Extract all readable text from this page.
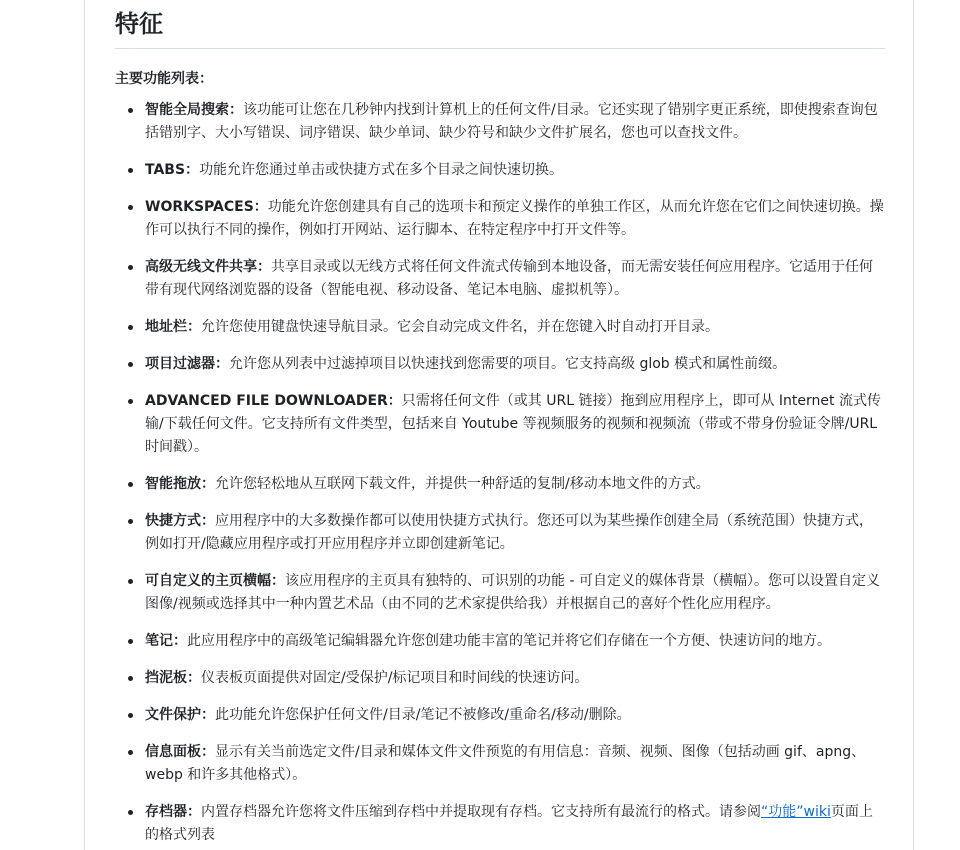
特征

主要功能列表：

智能全局搜索：该功能可让您在几秒钟内找到计算机上的任何文件/目录。它还实现了错别字更正系统，即使搜索查询包括错别字、大小写错误、词序错误、缺少单词、缺少符号和缺少文件扩展名，您也可以查找文件。
TABS：功能允许您通过单击或快捷方式在多个目录之间快速切换。
WORKSPACES：功能允许您创建具有自己的选项卡和预定义操作的单独工作区，从而允许您在它们之间快速切换。操作可以执行不同的操作，例如打开网站、运行脚本、在特定程序中打开文件等。
高级无线文件共享：共享目录或以无线方式将任何文件流式传输到本地设备，而无需安装任何应用程序。它适用于任何带有现代网络浏览器的设备（智能电视、移动设备、笔记本电脑、虚拟机等）。
地址栏：允许您使用键盘快速导航目录。它会自动完成文件名，并在您键入时自动打开目录。
项目过滤器：允许您从列表中过滤掉项目以快速找到您需要的项目。它支持高级 glob 模式和属性前缀。
ADVANCED FILE DOWNLOADER：只需将任何文件（或其 URL 链接）拖到应用程序上，即可从 Internet 流式传输/下载任何文件。它支持所有文件类型，包括来自 Youtube 等视频服务的视频和视频流（带或不带身份验证令牌/URL 时间戳）。
智能拖放：允许您轻松地从互联网下载文件，并提供一种舒适的复制/移动本地文件的方式。
快捷方式：应用程序中的大多数操作都可以使用快捷方式执行。您还可以为某些操作创建全局（系统范围）快捷方式，例如打开/隐藏应用程序或打开应用程序并立即创建新笔记。
可自定义的主页横幅：该应用程序的主页具有独特的、可识别的功能 - 可自定义的媒体背景（横幅）。您可以设置自定义图像/视频或选择其中一种内置艺术品（由不同的艺术家提供给我）并根据自己的喜好个性化应用程序。
笔记：此应用程序中的高级笔记编辑器允许您创建功能丰富的笔记并将它们存储在一个方便、快速访问的地方。
挡泥板：仪表板页面提供对固定/受保护/标记项目和时间线的快速访问。
文件保护：此功能允许您保护任何文件/目录/笔记不被修改/重命名/移动/删除。
信息面板：显示有关当前选定文件/目录和媒体文件文件预览的有用信息：音频、视频、图像（包括动画 gif、apng、webp 和许多其他格式）。
存档器：内置存档器允许您将文件压缩到存档中并提取现有存档。它支持所有最流行的格式。请参阅“功能”wiki页面上的格式列表
